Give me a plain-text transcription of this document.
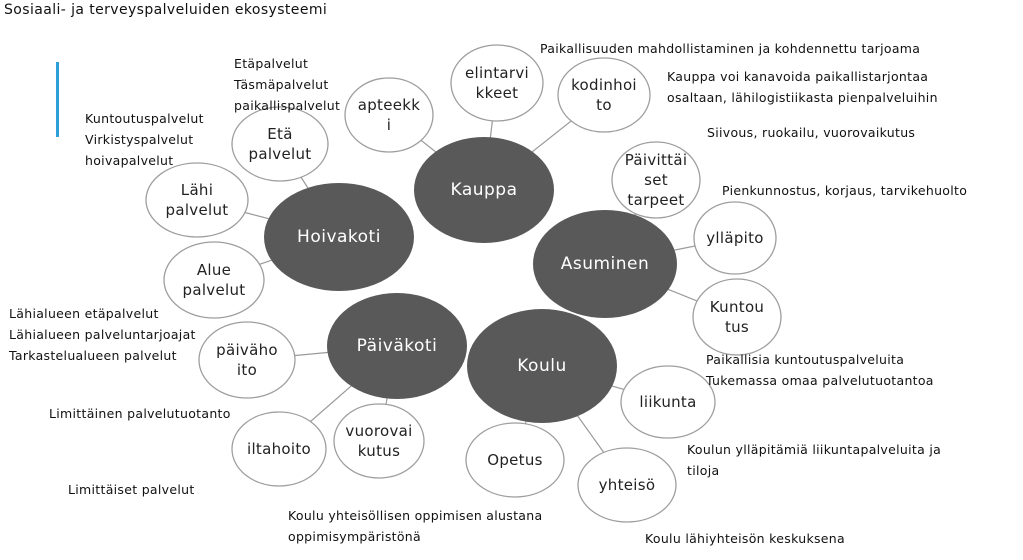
Sosiaali- ja terveyspalveluiden ekosysteemi
Etä palvelut
Lähi palvelut
Alue palvelut
apteekk i
elintarvi kkeet	kodinhoi to
Päivittäi set tarpeet
ylläpito
Kuntou tus
päiväho ito
iltahoito
vuorovai kutus	Opetus
yhteisö
liikunta
Hoivakoti
Kauppa
Asuminen
Päiväkoti
Koulu
Etäpalvelut
Täsmäpalvelut
paikallispalvelut
Kuntoutuspalvelut
Virkistyspalvelut
hoivapalvelut
Lähialueen etäpalvelut
Lähialueen palveluntarjoajat
Tarkastelualueen palvelut
Limittäinen palvelutuotanto
Limittäiset palvelut
Paikallisuuden mahdollistaminen ja kohdennettu tarjoama
Kauppa voi kanavoida paikallistarjontaa
osaltaan, lähilogistiikasta pienpalveluihin
Siivous, ruokailu, vuorovaikutus
Pienkunnostus, korjaus, tarvikehuolto
Paikallisia kuntoutuspalveluita
Tukemassa omaa palvelutuotantoa
Koulun ylläpitämiä liikuntapalveluita ja
tiloja
Koulu yhteisöllisen oppimisen alustana
oppimisympäristönä	Koulu lähiyhteisön keskuksena
